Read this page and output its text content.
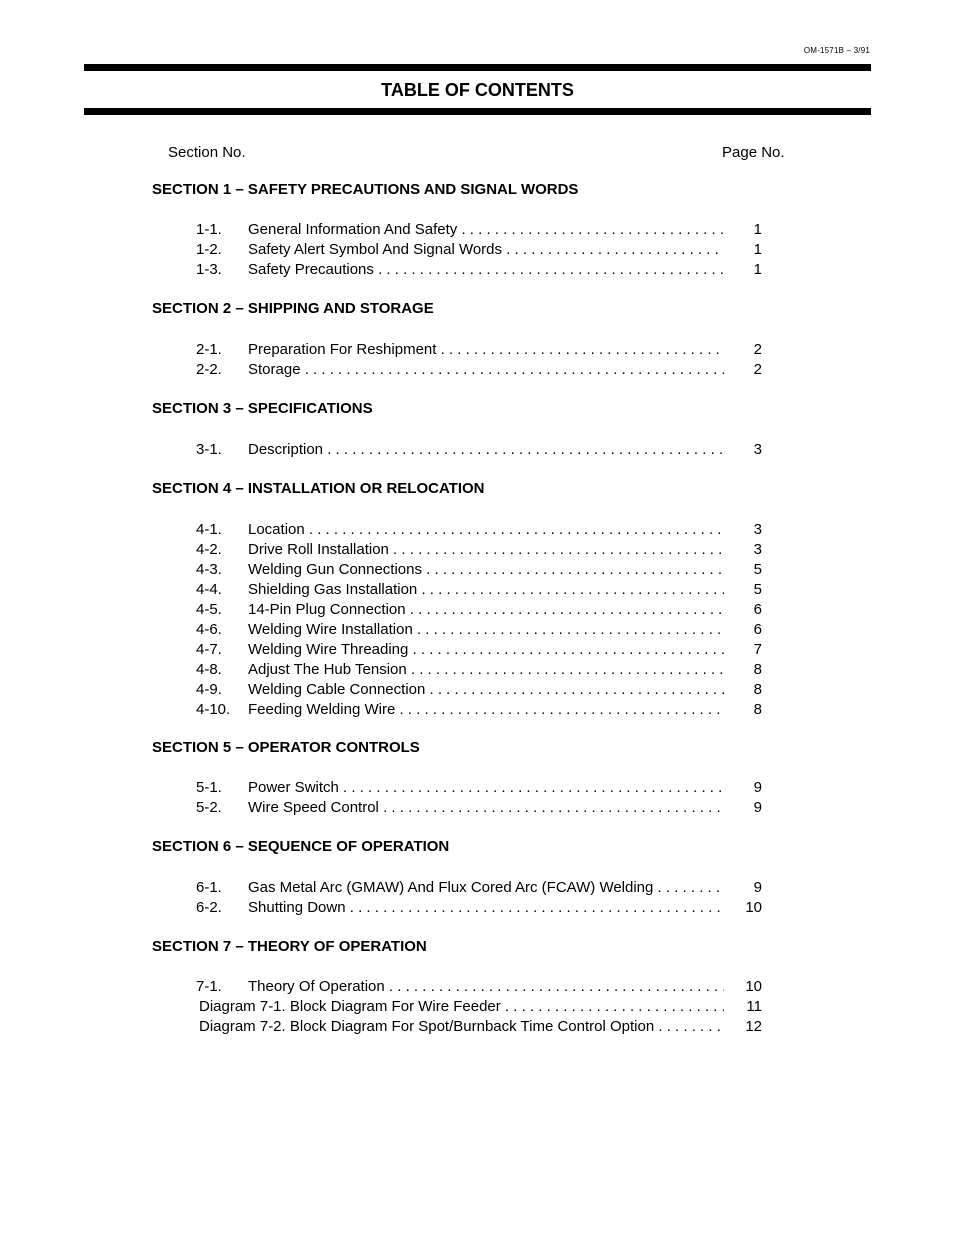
OM-1571B – 3/91
TABLE OF CONTENTS
Section No.	Page No.
SECTION 1 – SAFETY PRECAUTIONS AND SIGNAL WORDS
1-1. General Information And Safety . . .	1
1-2. Safety Alert Symbol And Signal Words . . .	1
1-3. Safety Precautions . . .	1
SECTION 2 – SHIPPING AND STORAGE
2-1. Preparation For Reshipment . . .	2
2-2. Storage . . .	2
SECTION 3 – SPECIFICATIONS
3-1. Description . . .	3
SECTION 4 – INSTALLATION OR RELOCATION
4-1. Location . . .	3
4-2. Drive Roll Installation . . .	3
4-3. Welding Gun Connections . . .	5
4-4. Shielding Gas Installation . . .	5
4-5. 14-Pin Plug Connection . . .	6
4-6. Welding Wire Installation . . .	6
4-7. Welding Wire Threading . . .	7
4-8. Adjust The Hub Tension . . .	8
4-9. Welding Cable Connection . . .	8
4-10. Feeding Welding Wire . . .	8
SECTION 5 – OPERATOR CONTROLS
5-1. Power Switch . . .	9
5-2. Wire Speed Control . . .	9
SECTION 6 – SEQUENCE OF OPERATION
6-1. Gas Metal Arc (GMAW) And Flux Cored Arc (FCAW) Welding . . .	9
6-2. Shutting Down . . .	10
SECTION 7 – THEORY OF OPERATION
7-1. Theory Of Operation . . .	10
Diagram 7-1. Block Diagram For Wire Feeder . . .	11
Diagram 7-2. Block Diagram For Spot/Burnback Time Control Option . . .	12
